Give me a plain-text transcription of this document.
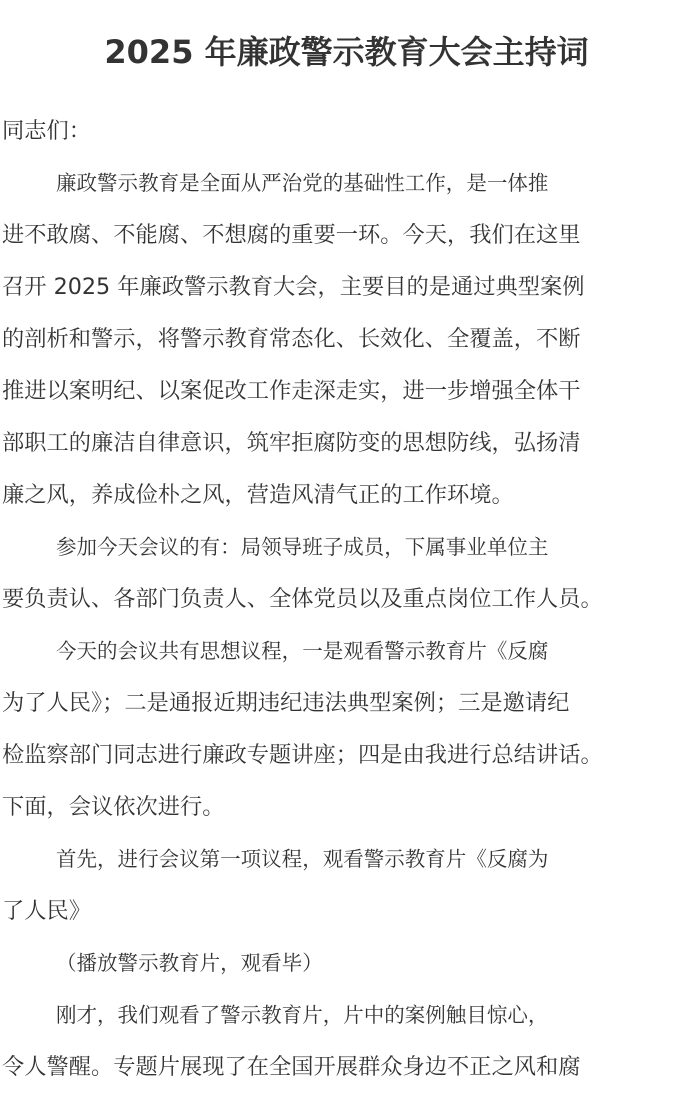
2025 年廉政警示教育大会主持词
同志们：
廉政警示教育是全面从严治党的基础性工作，是一体推
进不敢腐、不能腐、不想腐的重要一环。今天，我们在这里
召开 2025 年廉政警示教育大会，主要目的是通过典型案例
的剖析和警示，将警示教育常态化、长效化、全覆盖，不断
推进以案明纪、以案促改工作走深走实，进一步增强全体干
部职工的廉洁自律意识，筑牢拒腐防变的思想防线，弘扬清
廉之风，养成俭朴之风，营造风清气正的工作环境。
参加今天会议的有：局领导班子成员，下属事业单位主
要负责认、各部门负责人、全体党员以及重点岗位工作人员。
今天的会议共有思想议程，一是观看警示教育片《反腐
为了人民》；二是通报近期违纪违法典型案例；三是邀请纪
检监察部门同志进行廉政专题讲座；四是由我进行总结讲话。
下面，会议依次进行。
首先，进行会议第一项议程，观看警示教育片《反腐为
了人民》
（播放警示教育片，观看毕）
刚才，我们观看了警示教育片，片中的案例触目惊心，
令人警醒。专题片展现了在全国开展群众身边不正之风和腐
